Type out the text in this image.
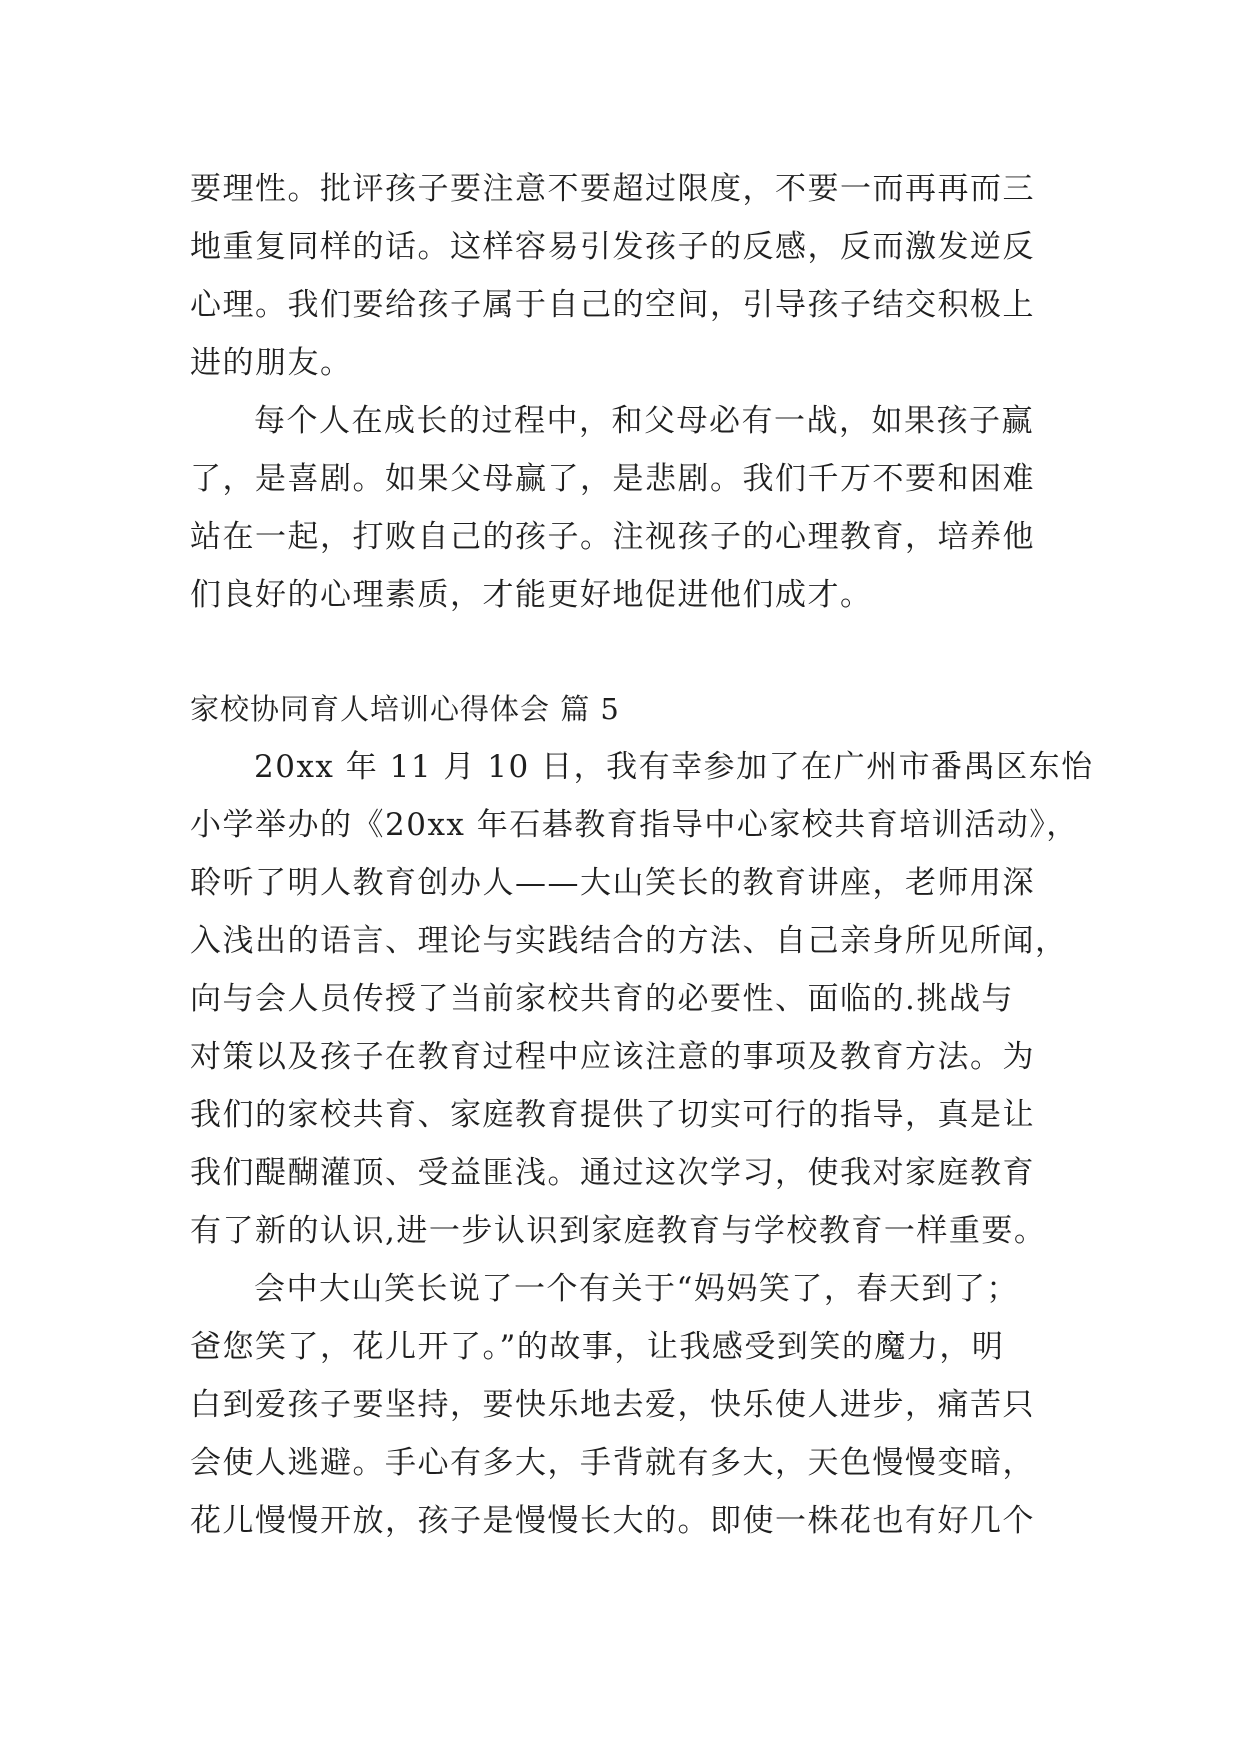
要理性。批评孩子要注意不要超过限度，不要一而再再而三
地重复同样的话。这样容易引发孩子的反感，反而激发逆反
心理。我们要给孩子属于自己的空间，引导孩子结交积极上
进的朋友。
每个人在成长的过程中，和父母必有一战，如果孩子赢
了，是喜剧。如果父母赢了，是悲剧。我们千万不要和困难
站在一起，打败自己的孩子。注视孩子的心理教育，培养他
们良好的心理素质，才能更好地促进他们成才。
家校协同育人培训心得体会 篇 5
20xx 年 11 月 10 日，我有幸参加了在广州市番禺区东怡
小学举办的《20xx 年石碁教育指导中心家校共育培训活动》，
聆听了明人教育创办人——大山笑长的教育讲座，老师用深
入浅出的语言、理论与实践结合的方法、自己亲身所见所闻，
向与会人员传授了当前家校共育的必要性、面临的.挑战与
对策以及孩子在教育过程中应该注意的事项及教育方法。为
我们的家校共育、家庭教育提供了切实可行的指导，真是让
我们醍醐灌顶、受益匪浅。通过这次学习，使我对家庭教育
有了新的认识,进一步认识到家庭教育与学校教育一样重要。
会中大山笑长说了一个有关于“妈妈笑了，春天到了；
爸您笑了，花儿开了。”的故事，让我感受到笑的魔力，明
白到爱孩子要坚持，要快乐地去爱，快乐使人进步，痛苦只
会使人逃避。手心有多大，手背就有多大，天色慢慢变暗，
花儿慢慢开放，孩子是慢慢长大的。即使一株花也有好几个
